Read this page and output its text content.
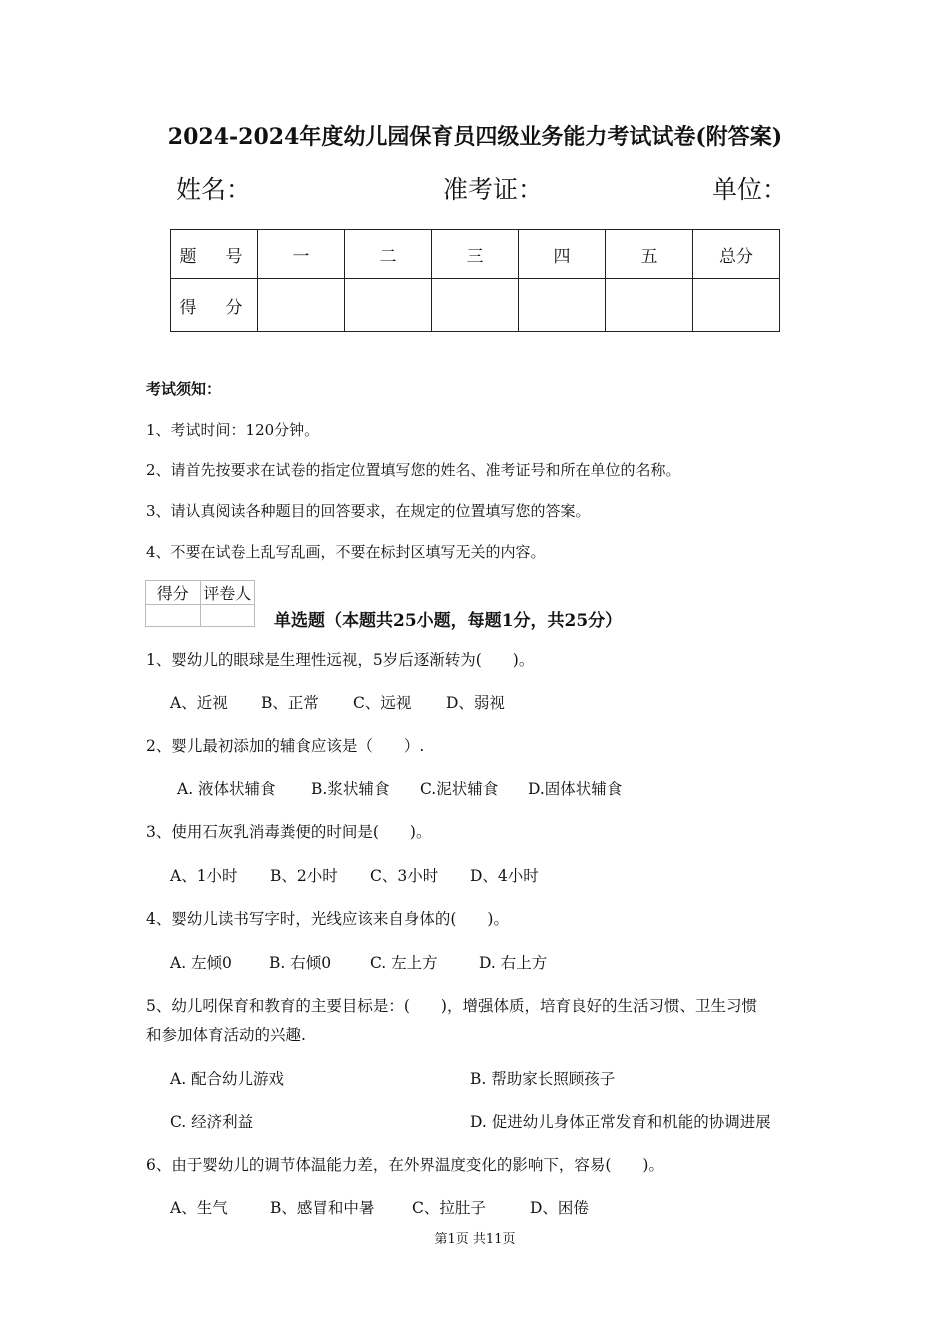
2024-2024年度幼儿园保育员四级业务能力考试试卷(附答案)
姓名：	准考证：	单位：
题　号	一	二	三	四	五	总分
得　分						
考试须知：
1、考试时间：120分钟。
2、请首先按要求在试卷的指定位置填写您的姓名、准考证号和所在单位的名称。
3、请认真阅读各种题目的回答要求，在规定的位置填写您的答案。
4、不要在试卷上乱写乱画，不要在标封区填写无关的内容。
得分	评卷人

单选题（本题共25小题，每题1分，共25分）
1、婴幼儿的眼球是生理性远视，5岁后逐渐转为(　　)。
A、近视 B、正常 C、远视 D、弱视
2、婴儿最初添加的辅食应该是（　　）.
A. 液体状辅食 B.浆状辅食 C.泥状辅食 D.固体状辅食
3、使用石灰乳消毒粪便的时间是(　　)。
A、1小时 B、2小时 C、3小时 D、4小时
4、婴幼儿读书写字时，光线应该来自身体的(　　)。
A. 左倾0 B. 右倾0	C. 左上方	D. 右上方
5、幼儿吲保育和教育的主要目标是：(　　)，增强体质，培育良好的生活习惯、卫生习惯
和参加体育活动的兴趣.
A. 配合幼儿游戏	B. 帮助家长照顾孩子
C. 经济利益	D. 促进幼儿身体正常发育和机能的协调进展
6、由于婴幼儿的调节体温能力差，在外界温度变化的影响下，容易(　　)。
A、生气	B、感冒和中暑 C、拉肚子	D、困倦
第1页 共11页
